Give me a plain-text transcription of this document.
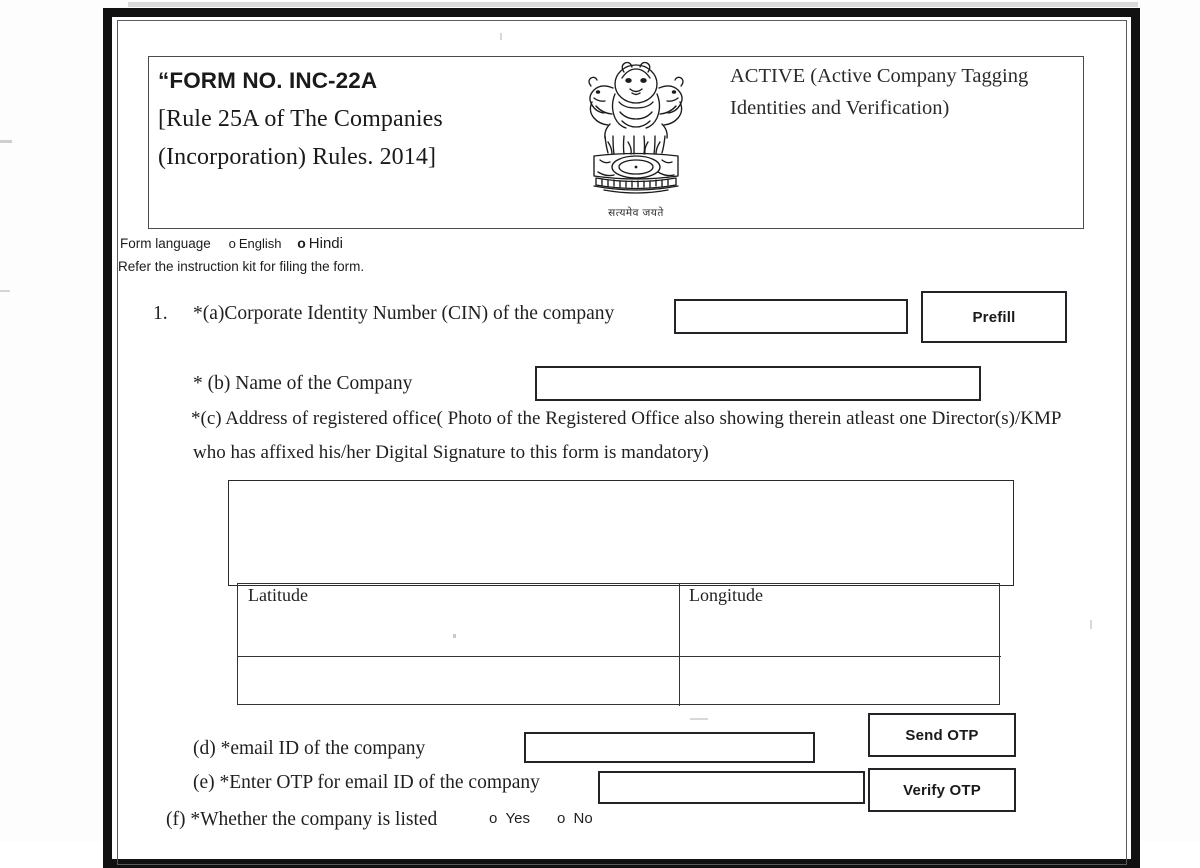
“FORM NO. INC-22A
[Rule 25A of The Companies
(Incorporation) Rules. 2014]
ACTIVE (Active Company Tagging
Identities and Verification)
सत्यमेव जयते
Form language o English o Hindi
Refer the instruction kit for filing the form.
1. *(a)Corporate Identity Number (CIN) of the company	Prefill
* (b) Name of the Company
*(c) Address of registered office( Photo of the Registered Office also showing therein atleast one Director(s)/KMP
who has affixed his/her Digital Signature to this form is mandatory)
Latitude	Longitude
(d) *email ID of the company
Send OTP
(e) *Enter OTP for email ID of the company	Verify OTP
(f) *Whether the company is listed	o Yes o No
